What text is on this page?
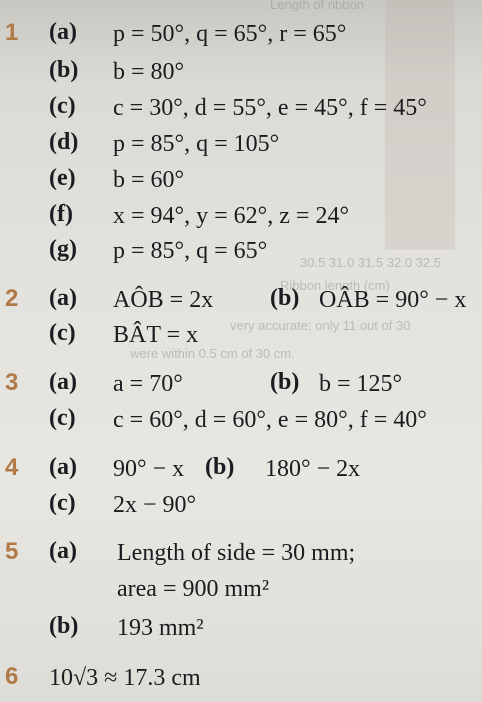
Length of ribbon
30.5 31.0 31.5 32.0 32.5
Ribbon length (cm)
very accurate; only 11 out of 30
were within 0.5 cm of 30 cm.
1	(a) p = 50°, q = 65°, r = 65°
(b) b = 80°
(c) c = 30°, d = 55°, e = 45°, f = 45°
(d) p = 85°, q = 105°
(e) b = 60°
(f) x = 94°, y = 62°, z = 24°
(g) p = 85°, q = 65°
2	(a) AÔB = 2x (b) OÂB = 90° − x
(c) BÂT = x
3	(a) a = 70°	(b) b = 125°
(c) c = 60°, d = 60°, e = 80°, f = 40°
4	(a) 90° − x (b) 180° − 2x
(c) 2x − 90°
5	(a) Length of side = 30 mm;
area = 900 mm²
(b) 193 mm²
6	10√3 ≈ 17.3 cm
